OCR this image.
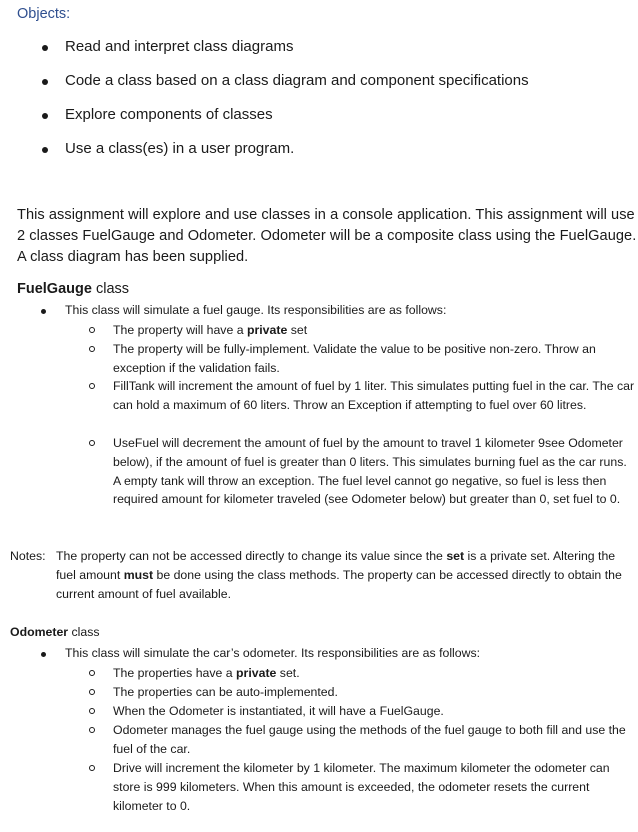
Objects:
Read and interpret class diagrams
Code a class based on a class diagram and component specifications
Explore components of classes
Use a class(es) in a user program.
This assignment will explore and use classes in a console application. This assignment will use 2 classes FuelGauge and Odometer. Odometer will be a composite class using the FuelGauge. A class diagram has been supplied.
FuelGauge class
This class will simulate a fuel gauge. Its responsibilities are as follows:
The property will have a private set
The property will be fully-implement. Validate the value to be positive non-zero. Throw an exception if the validation fails.
FillTank will increment the amount of fuel by 1 liter. This simulates putting fuel in the car. The car can hold a maximum of 60 liters. Throw an Exception if attempting to fuel over 60 litres.
UseFuel will decrement the amount of fuel by the amount to travel 1 kilometer 9see Odometer below), if the amount of fuel is greater than 0 liters. This simulates burning fuel as the car runs. A empty tank will throw an exception. The fuel level cannot go negative, so fuel is less then required amount for kilometer traveled (see Odometer below) but greater than 0, set fuel to 0.
Notes: The property can not be accessed directly to change its value since the set is a private set. Altering the fuel amount must be done using the class methods. The property can be accessed directly to obtain the current amount of fuel available.
Odometer class
This class will simulate the car’s odometer. Its responsibilities are as follows:
The properties have a private set.
The properties can be auto-implemented.
When the Odometer is instantiated, it will have a FuelGauge.
Odometer manages the fuel gauge using the methods of the fuel gauge to both fill and use the fuel of the car.
Drive will increment the kilometer by 1 kilometer. The maximum kilometer the odometer can store is 999 kilometers. When this amount is exceeded, the odometer resets the current kilometer to 0.
